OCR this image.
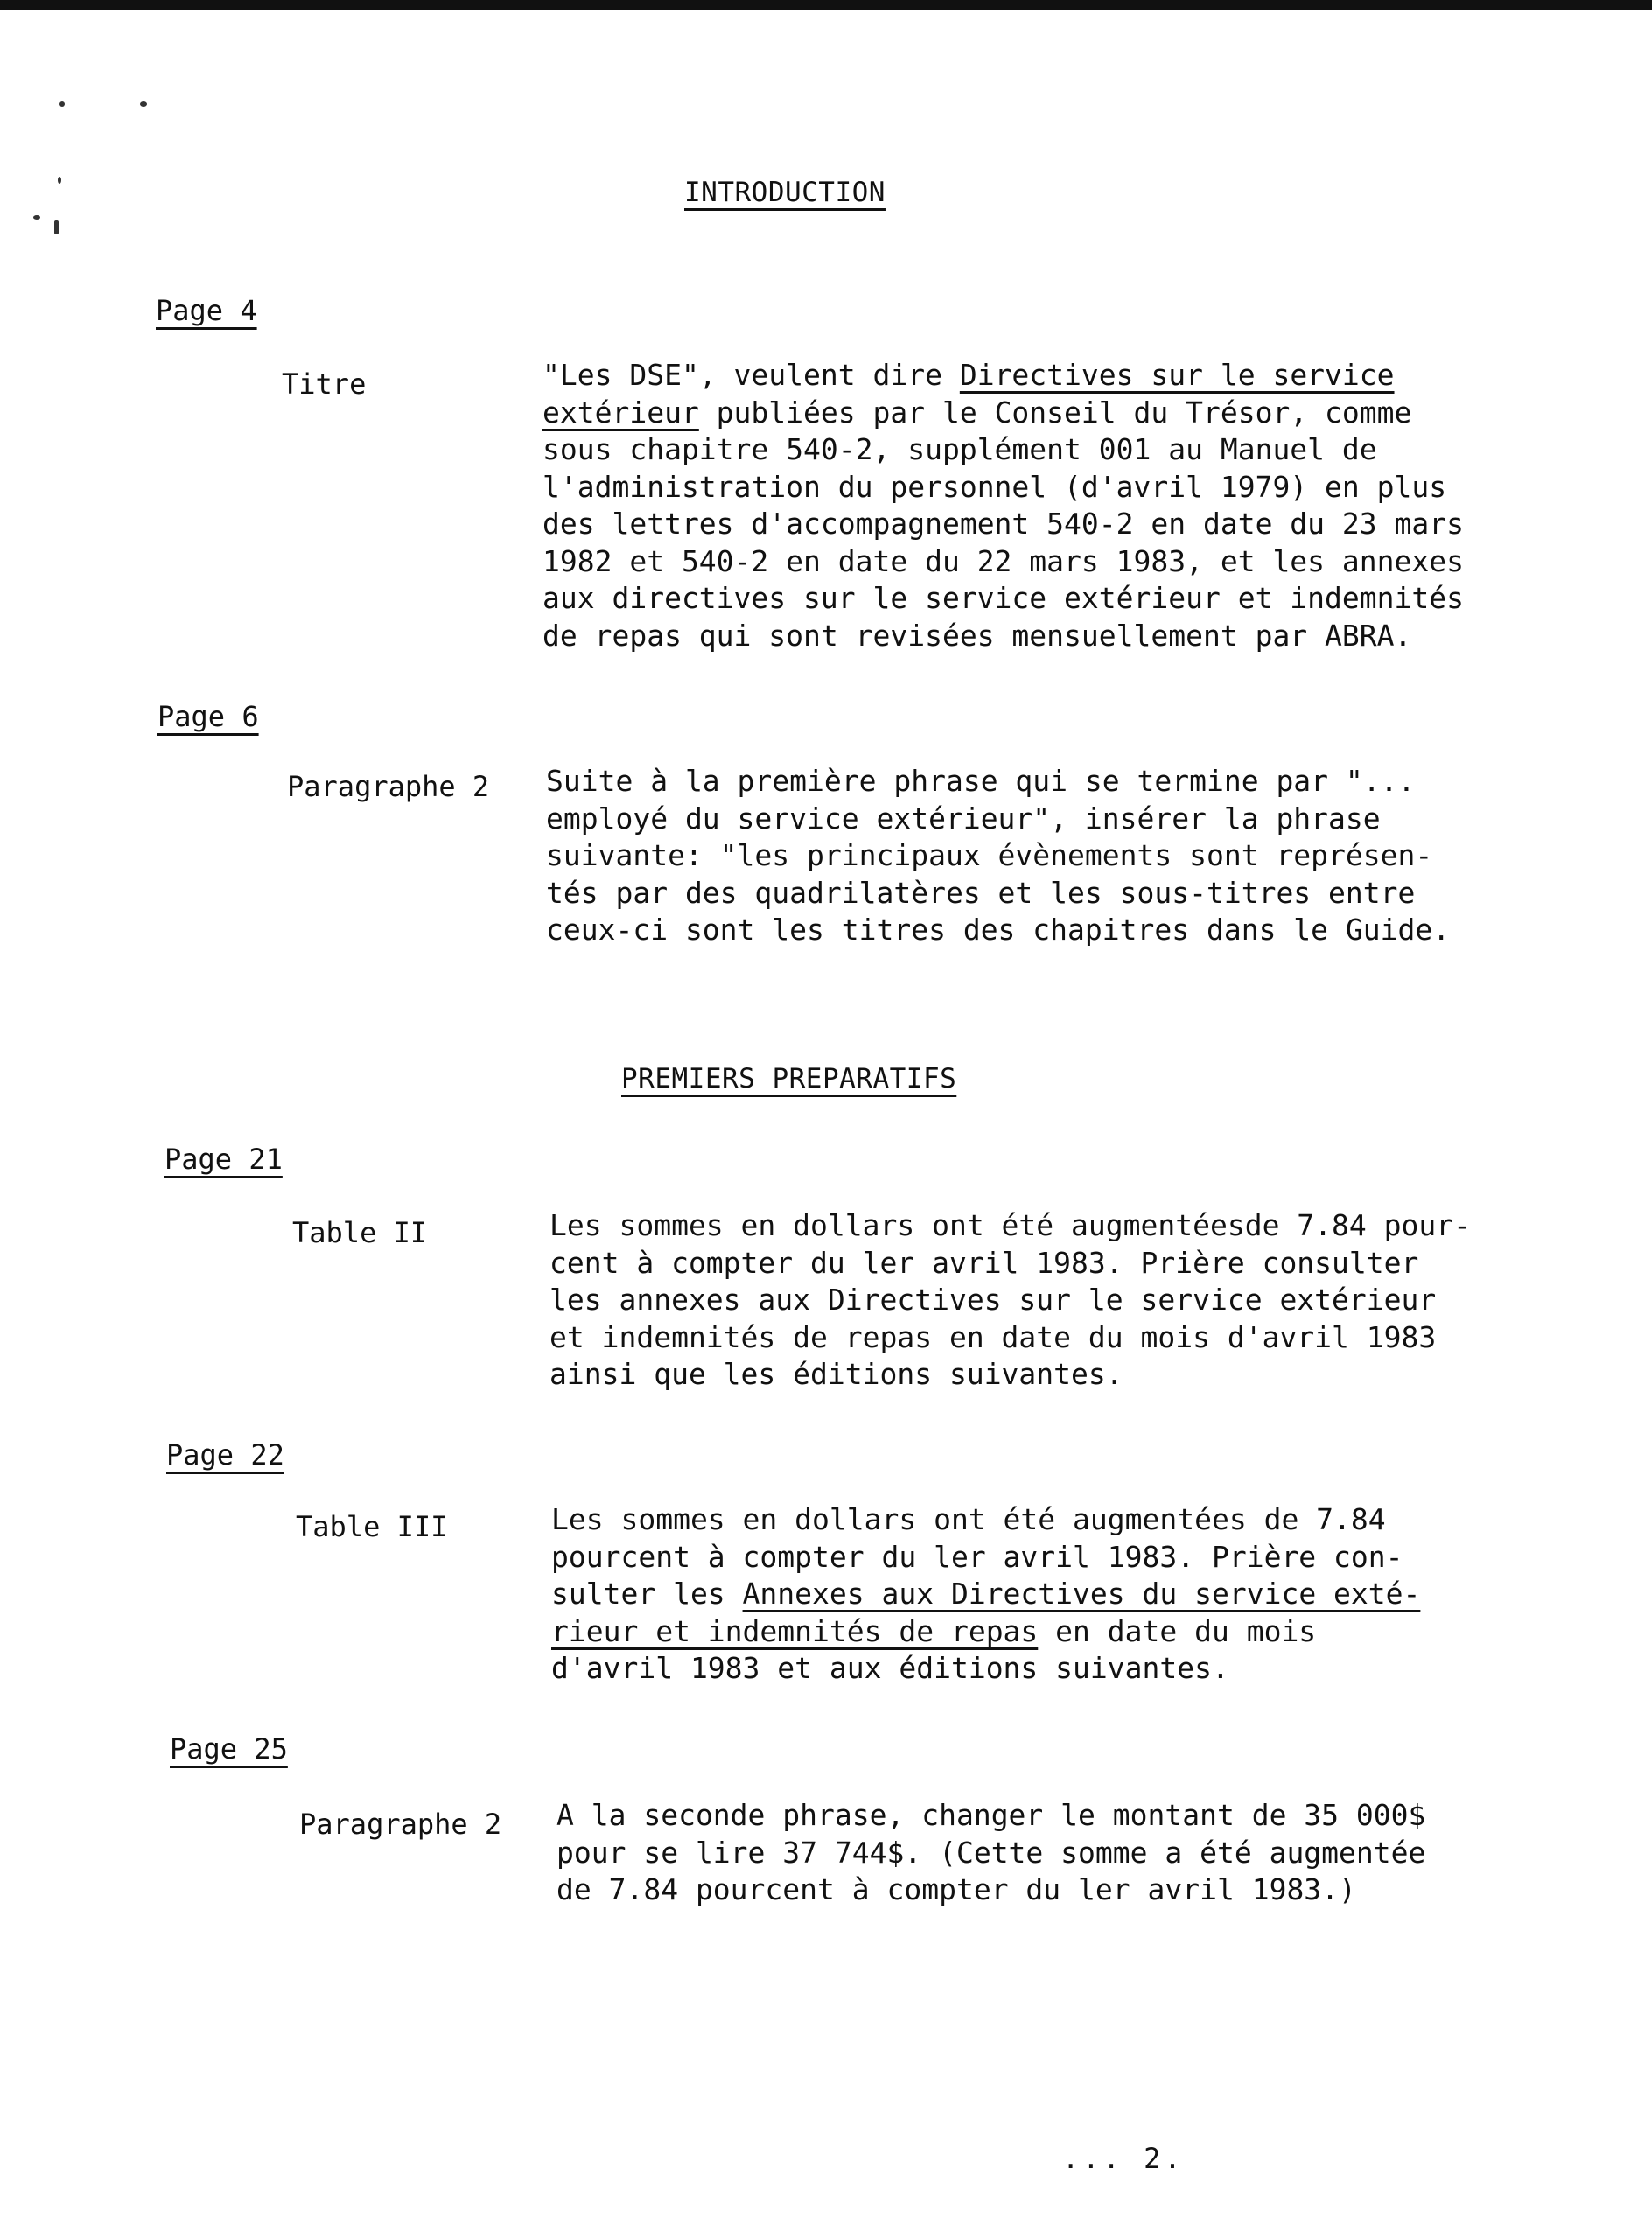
INTRODUCTION
PREMIERS PREPARATIFS
Page 4
Titre	"Les DSE", veulent dire Directives sur le service
extérieur publiées par le Conseil du Trésor, comme
sous chapitre 540-2, supplément 001 au Manuel de
l'administration du personnel (d'avril 1979) en plus
des lettres d'accompagnement 540-2 en date du 23 mars
1982 et 540-2 en date du 22 mars 1983, et les annexes
aux directives sur le service extérieur et indemnités
de repas qui sont revisées mensuellement par ABRA.
Page 6
Paragraphe 2 Suite à la première phrase qui se termine par "...
employé du service extérieur", insérer la phrase
suivante: "les principaux évènements sont représen-
tés par des quadrilatères et les sous-titres entre
ceux-ci sont les titres des chapitres dans le Guide.
Page 21
Table II	Les sommes en dollars ont été augmentéesde 7.84 pour-
cent à compter du ler avril 1983. Prière consulter
les annexes aux Directives sur le service extérieur
et indemnités de repas en date du mois d'avril 1983
ainsi que les éditions suivantes.
Page 22
Table III	Les sommes en dollars ont été augmentées de 7.84
pourcent à compter du ler avril 1983. Prière con-
sulter les Annexes aux Directives du service exté-
rieur et indemnités de repas en date du mois
d'avril 1983 et aux éditions suivantes.
Page 25
Paragraphe 2 A la seconde phrase, changer le montant de 35 000$
pour se lire 37 744$. (Cette somme a été augmentée
de 7.84 pourcent à compter du ler avril 1983.)
... 2.
